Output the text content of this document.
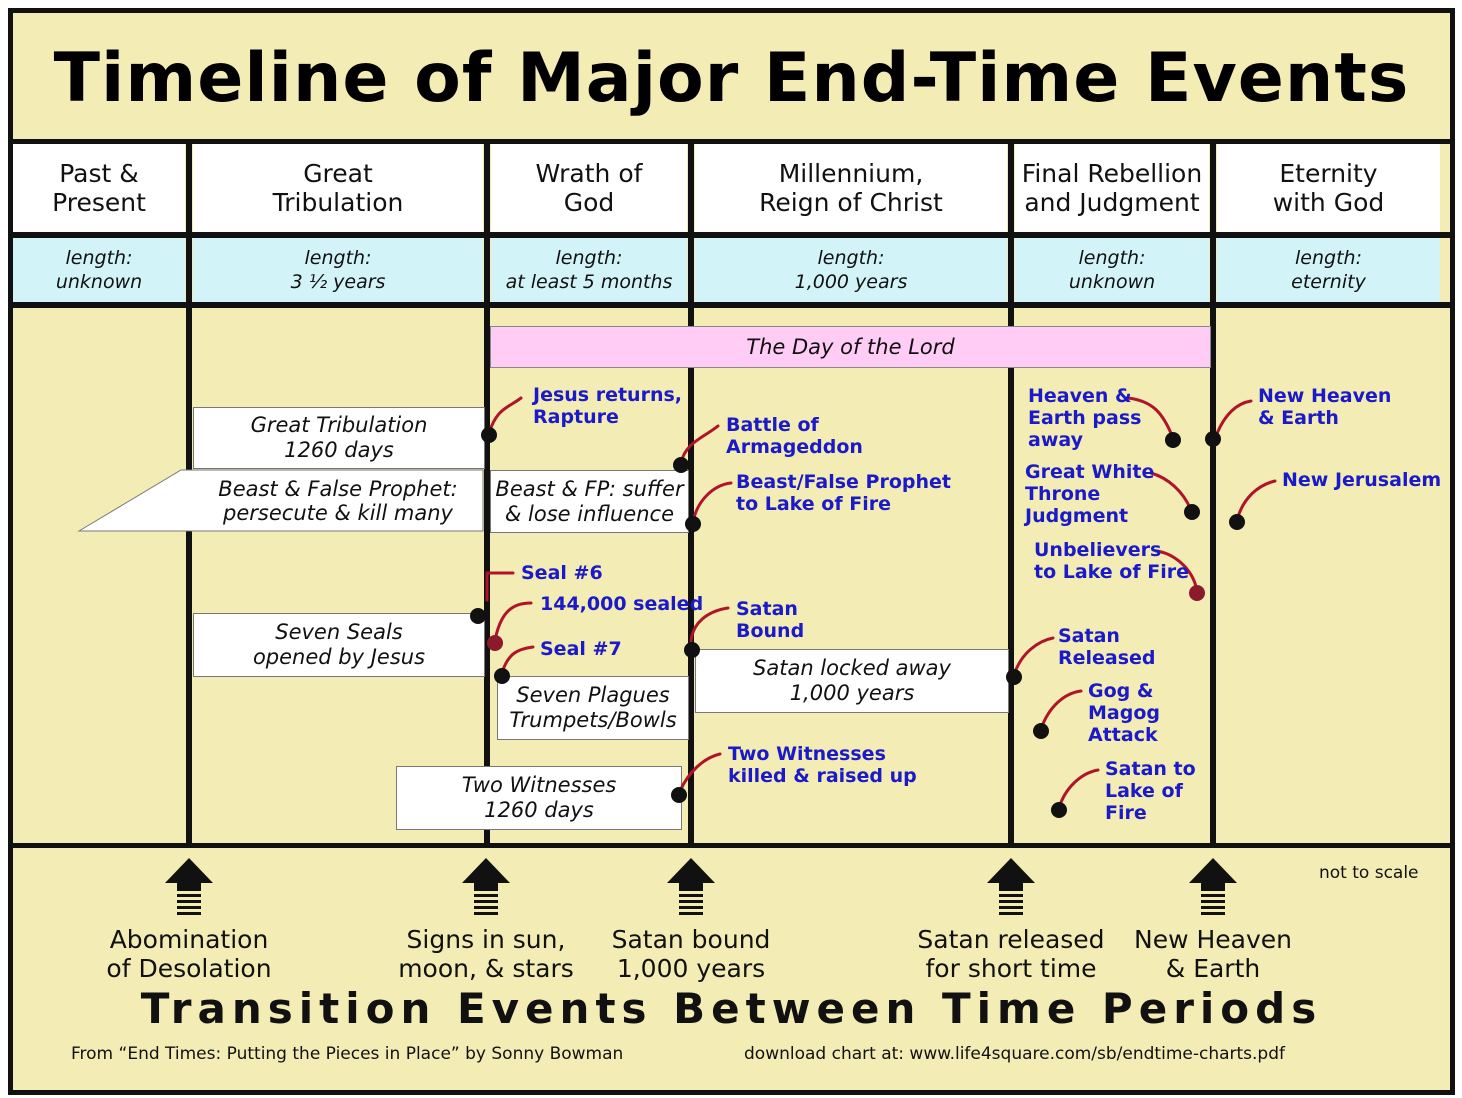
Timeline of Major End-Time Events
Past &
Present
Great
Tribulation
Wrath of
God
Millennium,
Reign of Christ
Final Rebellion
and Judgment
Eternity
with God
length:
unknown
length:
3 ½ years
length:
at least 5 months
length:
1,000 years
length:
unknown
length:
eternity
The Day of the Lord
Great Tribulation
1260 days
Beast & False Prophet:
persecute & kill many
Beast & FP: suffer
& lose influence
Seven Seals
opened by Jesus
Seven Plagues
Trumpets/Bowls
Satan locked away
1,000 years
Two Witnesses
1260 days
Jesus returns,
Rapture	Battle of
Armageddon
Beast/False Prophet
to Lake of Fire
Seal #6
144,000 sealed
Seal #7
Satan
Bound
Two Witnesses
killed & raised up
Heaven &
Earth pass
away
Great White
Throne
Judgment
Unbelievers
to Lake of Fire
Satan
Released
Gog &
Magog
Attack
Satan to
Lake of
Fire
New Heaven
& Earth
New Jerusalem
not to scale
Abomination
of Desolation
Signs in sun,
moon, & stars
Satan bound
1,000 years
Satan released
for short time
New Heaven
& Earth
Transition Events Between Time Periods
From “End Times: Putting the Pieces in Place” by Sonny Bowman	download chart at: www.life4square.com/sb/endtime-charts.pdf
